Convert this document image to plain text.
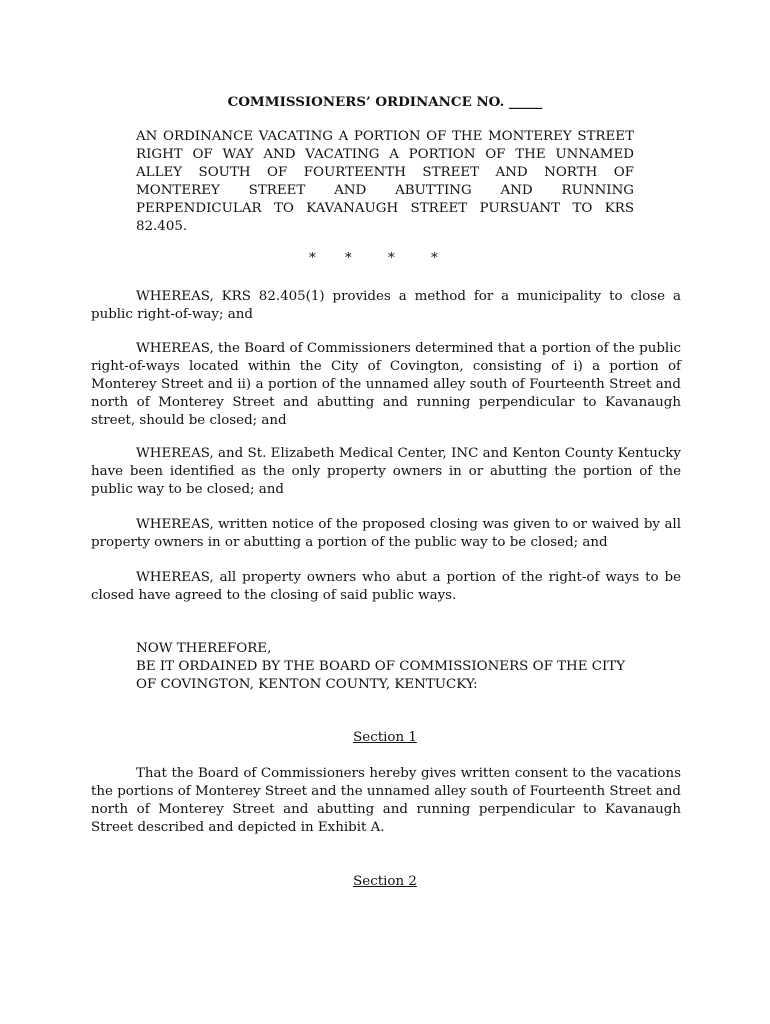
COMMISSIONERS’ ORDINANCE NO. _____
AN ORDINANCE VACATING A PORTION OF THE MONTEREY STREET
RIGHT OF WAY AND VACATING A PORTION OF THE UNNAMED
ALLEY SOUTH OF FOURTEENTH STREET AND NORTH OF
MONTEREY STREET AND ABUTTING AND RUNNING
PERPENDICULAR TO KAVANAUGH STREET PURSUANT TO KRS
82.405.
* *	*	*

WHEREAS, KRS 82.405(1) provides a method for a municipality to close a public right-of-way; and

WHEREAS, the Board of Commissioners determined that a portion of the public right-of-ways located within the City of Covington, consisting of i) a portion of Monterey Street and ii) a portion of the unnamed alley south of Fourteenth Street and north of Monterey Street and abutting and running perpendicular to Kavanaugh street, should be closed; and

WHEREAS, and St. Elizabeth Medical Center, INC and Kenton County Kentucky have been identified as the only property owners in or abutting the portion of the public way to be closed; and

WHEREAS, written notice of the proposed closing was given to or waived by all property owners in or abutting a portion of the public way to be closed; and

WHEREAS, all property owners who abut a portion of the right-of ways to be closed have agreed to the closing of said public ways.

NOW THEREFORE,
BE IT ORDAINED BY THE BOARD OF COMMISSIONERS OF THE CITY
OF COVINGTON, KENTON COUNTY, KENTUCKY:
Section 1

That the Board of Commissioners hereby gives written consent to the vacations the portions of Monterey Street and the unnamed alley south of Fourteenth Street and north of Monterey Street and abutting and running perpendicular to Kavanaugh Street described and depicted in Exhibit A.

Section 2
